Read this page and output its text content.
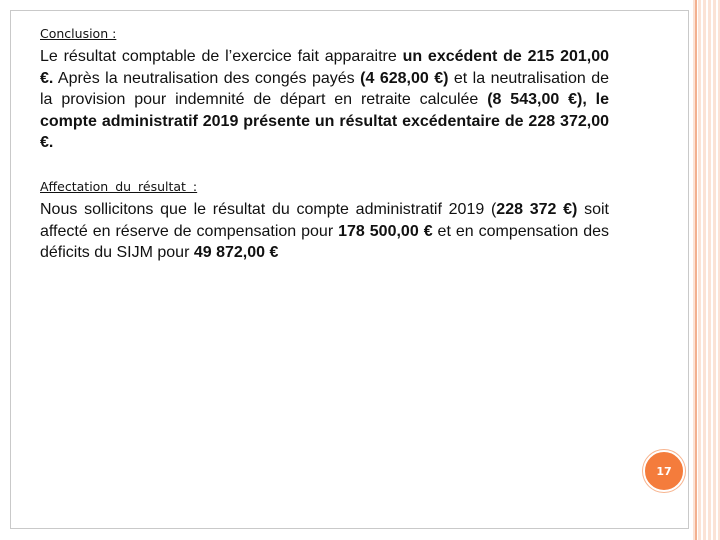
Conclusion :

Le résultat comptable de l’exercice fait apparaitre un excédent de 215 201,00 €. Après la neutralisation des congés payés (4 628,00 €) et la neutralisation de la provision pour indemnité de départ en retraite calculée (8 543,00 €), le compte administratif 2019 présente un résultat excédentaire de 228 372,00 €.

Affectation du résultat :

Nous sollicitons que le résultat du compte administratif 2019 (228 372 €) soit affecté en réserve de compensation pour 178 500,00 € et en compensation des déficits du SIJM pour 49 872,00 €

17
